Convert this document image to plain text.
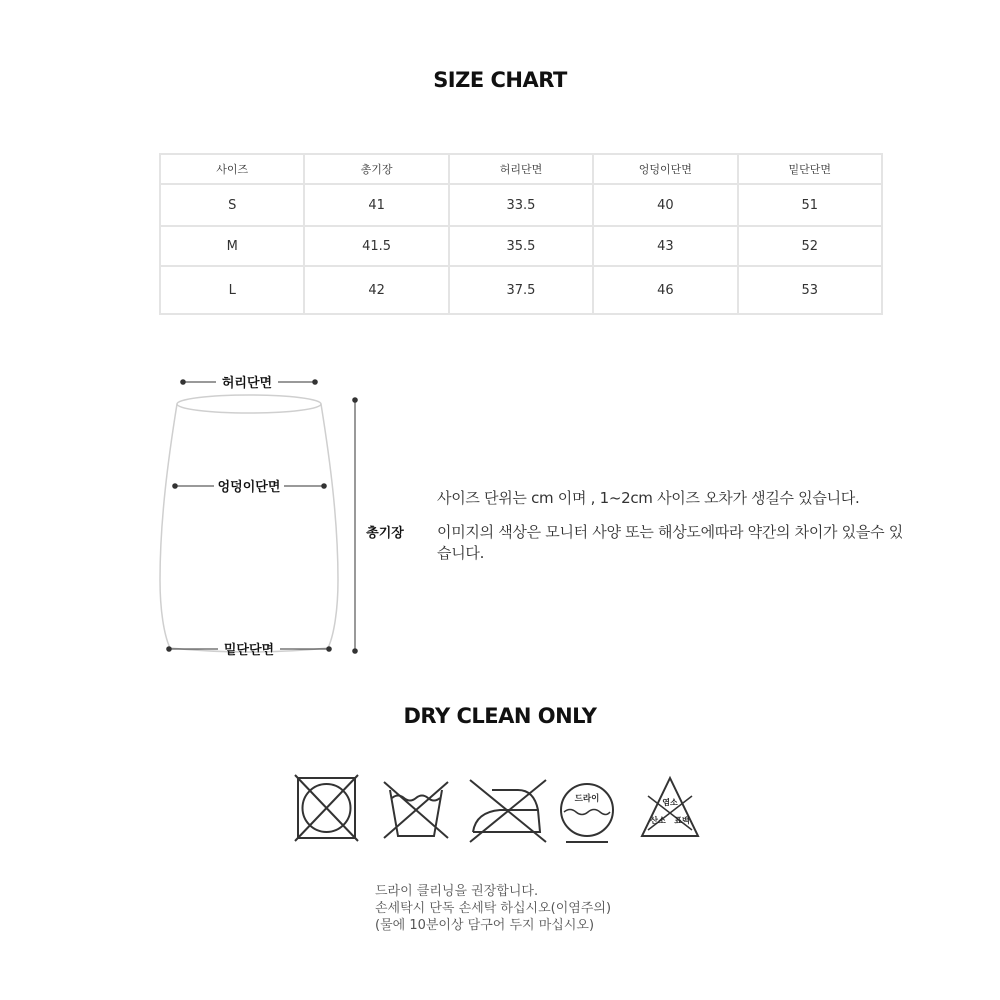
SIZE CHART
사이즈	총기장	허리단면	엉덩이단면	밑단단면
S	41	33.5	40	51
M	41.5	35.5	43	52
L	42	37.5	46	53
허리단면
엉덩이단면
밑단단면
총기장
사이즈 단위는 cm 이며 , 1~2cm 사이즈 오차가 생길수 있습니다.
이미지의 색상은 모니터 사양 또는 해상도에따라 약간의 차이가 있을수 있습니다.
DRY CLEAN ONLY
드라이	염소
산소 표백
드라이 클리닝을 권장합니다.
손세탁시 단독 손세탁 하십시오(이염주의)
(물에 10분이상 담구어 두지 마십시오)
